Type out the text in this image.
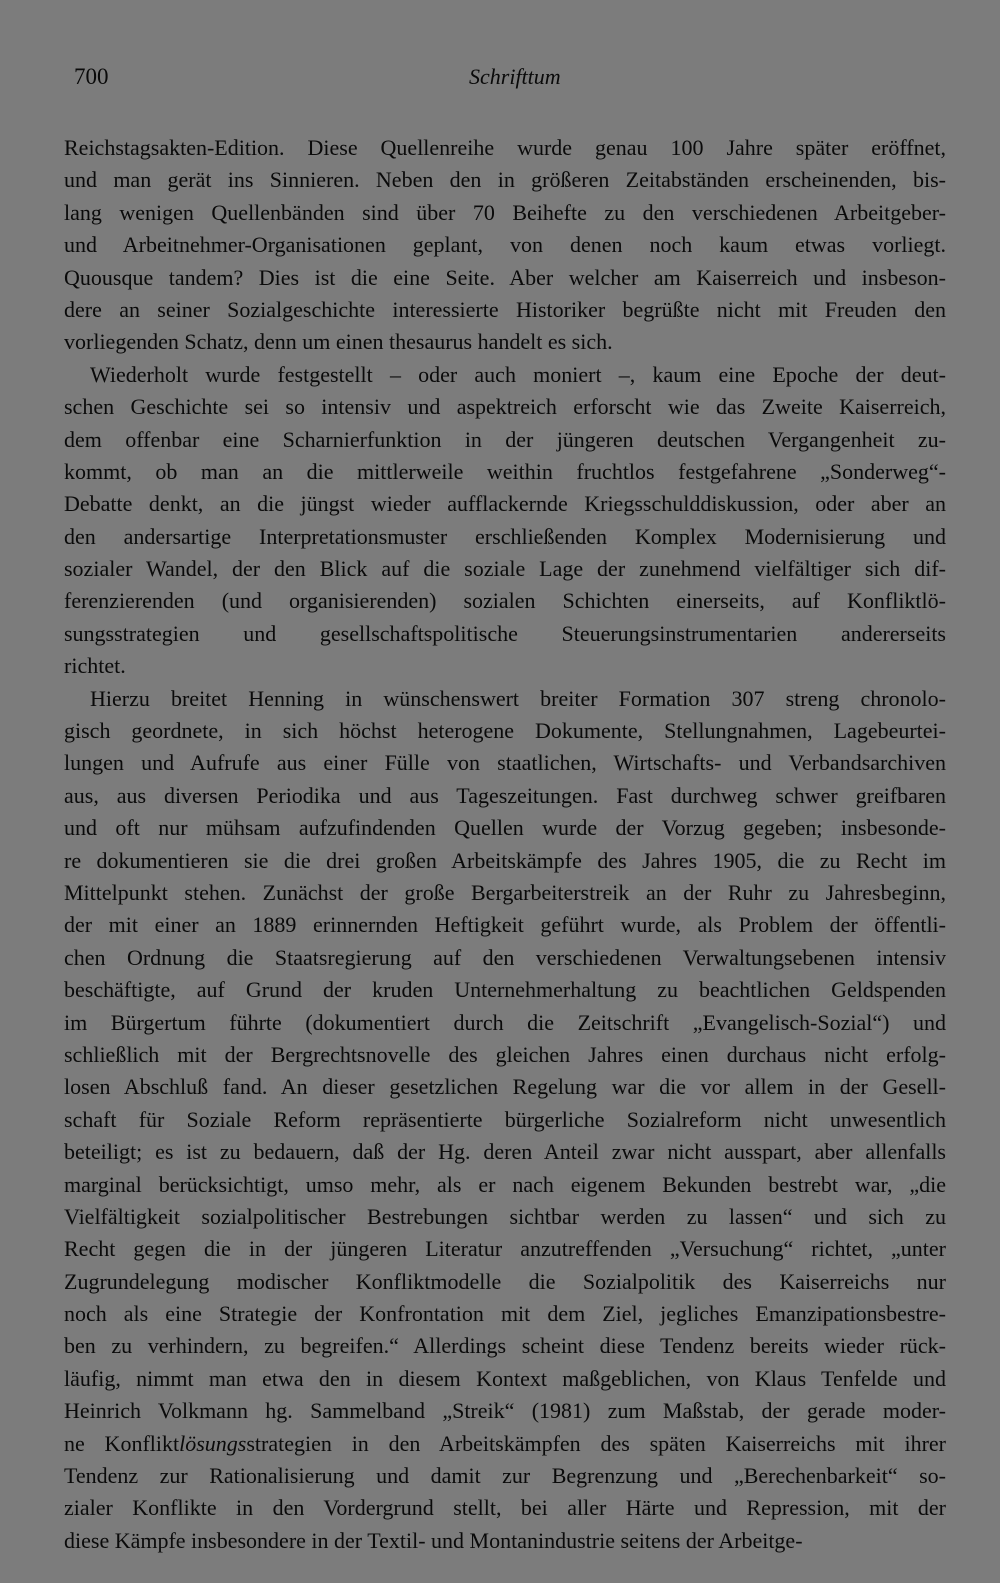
700	Schrifttum
Reichstagsakten-Edition. Diese Quellenreihe wurde genau 100 Jahre später eröffnet,
und man gerät ins Sinnieren. Neben den in größeren Zeitabständen erscheinenden, bis-
lang wenigen Quellenbänden sind über 70 Beihefte zu den verschiedenen Arbeitgeber-
und Arbeitnehmer-Organisationen geplant, von denen noch kaum etwas vorliegt.
Quousque tandem? Dies ist die eine Seite. Aber welcher am Kaiserreich und insbeson-
dere an seiner Sozialgeschichte interessierte Historiker begrüßte nicht mit Freuden den
vorliegenden Schatz, denn um einen thesaurus handelt es sich.
Wiederholt wurde festgestellt – oder auch moniert –, kaum eine Epoche der deut-
schen Geschichte sei so intensiv und aspektreich erforscht wie das Zweite Kaiserreich,
dem offenbar eine Scharnierfunktion in der jüngeren deutschen Vergangenheit zu-
kommt, ob man an die mittlerweile weithin fruchtlos festgefahrene „Sonderweg“-
Debatte denkt, an die jüngst wieder aufflackernde Kriegsschulddiskussion, oder aber an
den andersartige Interpretationsmuster erschließenden Komplex Modernisierung und
sozialer Wandel, der den Blick auf die soziale Lage der zunehmend vielfältiger sich dif-
ferenzierenden (und organisierenden) sozialen Schichten einerseits, auf Konfliktlö-
sungsstrategien und gesellschaftspolitische Steuerungsinstrumentarien andererseits
richtet.
Hierzu breitet Henning in wünschenswert breiter Formation 307 streng chronolo-
gisch geordnete, in sich höchst heterogene Dokumente, Stellungnahmen, Lagebeurtei-
lungen und Aufrufe aus einer Fülle von staatlichen, Wirtschafts- und Verbandsarchiven
aus, aus diversen Periodika und aus Tageszeitungen. Fast durchweg schwer greifbaren
und oft nur mühsam aufzufindenden Quellen wurde der Vorzug gegeben; insbesonde-
re dokumentieren sie die drei großen Arbeitskämpfe des Jahres 1905, die zu Recht im
Mittelpunkt stehen. Zunächst der große Bergarbeiterstreik an der Ruhr zu Jahresbeginn,
der mit einer an 1889 erinnernden Heftigkeit geführt wurde, als Problem der öffentli-
chen Ordnung die Staatsregierung auf den verschiedenen Verwaltungsebenen intensiv
beschäftigte, auf Grund der kruden Unternehmerhaltung zu beachtlichen Geldspenden
im Bürgertum führte (dokumentiert durch die Zeitschrift „Evangelisch-Sozial“) und
schließlich mit der Bergrechtsnovelle des gleichen Jahres einen durchaus nicht erfolg-
losen Abschluß fand. An dieser gesetzlichen Regelung war die vor allem in der Gesell-
schaft für Soziale Reform repräsentierte bürgerliche Sozialreform nicht unwesentlich
beteiligt; es ist zu bedauern, daß der Hg. deren Anteil zwar nicht ausspart, aber allenfalls
marginal berücksichtigt, umso mehr, als er nach eigenem Bekunden bestrebt war, „die
Vielfältigkeit sozialpolitischer Bestrebungen sichtbar werden zu lassen“ und sich zu
Recht gegen die in der jüngeren Literatur anzutreffenden „Versuchung“ richtet, „unter
Zugrundelegung modischer Konfliktmodelle die Sozialpolitik des Kaiserreichs nur
noch als eine Strategie der Konfrontation mit dem Ziel, jegliches Emanzipationsbestre-
ben zu verhindern, zu begreifen.“ Allerdings scheint diese Tendenz bereits wieder rück-
läufig, nimmt man etwa den in diesem Kontext maßgeblichen, von Klaus Tenfelde und
Heinrich Volkmann hg. Sammelband „Streik“ (1981) zum Maßstab, der gerade moder-
ne Konfliktlösungsstrategien in den Arbeitskämpfen des späten Kaiserreichs mit ihrer
Tendenz zur Rationalisierung und damit zur Begrenzung und „Berechenbarkeit“ so-
zialer Konflikte in den Vordergrund stellt, bei aller Härte und Repression, mit der
diese Kämpfe insbesondere in der Textil- und Montanindustrie seitens der Arbeitge-
